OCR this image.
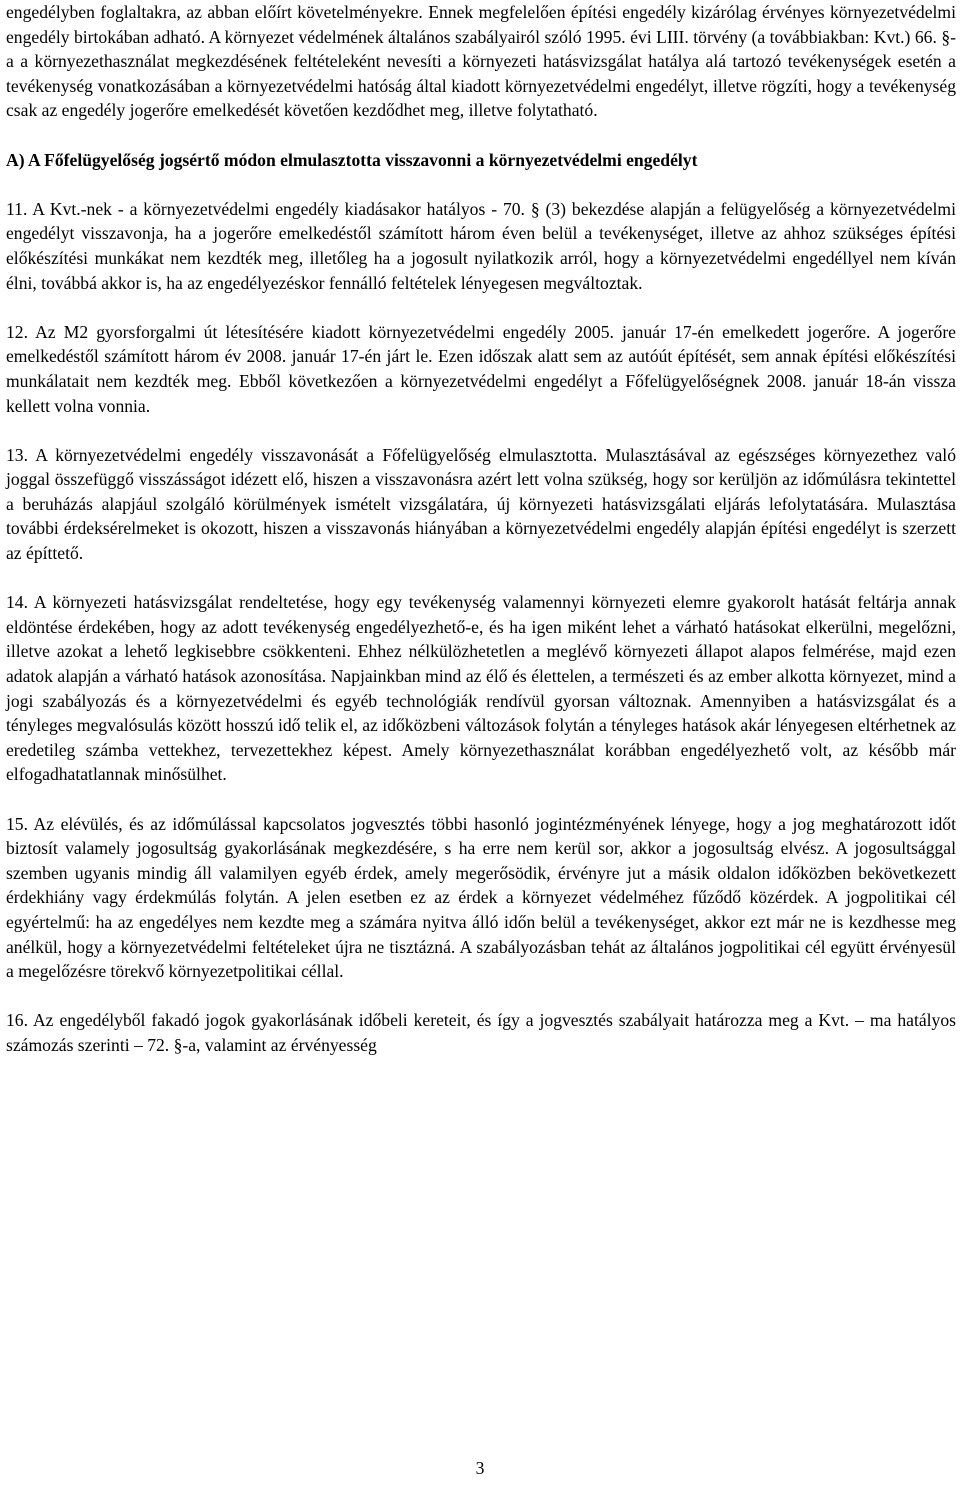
engedélyben foglaltakra, az abban előírt követelményekre. Ennek megfelelően építési engedély kizárólag érvényes környezetvédelmi engedély birtokában adható. A környezet védelmének általános szabályairól szóló 1995. évi LIII. törvény (a továbbiakban: Kvt.) 66. §-a a környezethasználat megkezdésének feltételeként nevesíti a környezeti hatásvizsgálat hatálya alá tartozó tevékenységek esetén a tevékenység vonatkozásában a környezetvédelmi hatóság által kiadott környezetvédelmi engedélyt, illetve rögzíti, hogy a tevékenység csak az engedély jogerőre emelkedését követően kezdődhet meg, illetve folytatható.

A) A Főfelügyelőség jogsértő módon elmulasztotta visszavonni a környezetvédelmi engedélyt

11. A Kvt.-nek - a környezetvédelmi engedély kiadásakor hatályos - 70. § (3) bekezdése alapján a felügyelőség a környezetvédelmi engedélyt visszavonja, ha a jogerőre emelkedéstől számított három éven belül a tevékenységet, illetve az ahhoz szükséges építési előkészítési munkákat nem kezdték meg, illetőleg ha a jogosult nyilatkozik arról, hogy a környezetvédelmi engedéllyel nem kíván élni, továbbá akkor is, ha az engedélyezéskor fennálló feltételek lényegesen megváltoztak.

12. Az M2 gyorsforgalmi út létesítésére kiadott környezetvédelmi engedély 2005. január 17-én emelkedett jogerőre. A jogerőre emelkedéstől számított három év 2008. január 17-én járt le. Ezen időszak alatt sem az autóút építését, sem annak építési előkészítési munkálatait nem kezdték meg. Ebből következően a környezetvédelmi engedélyt a Főfelügyelőségnek 2008. január 18-án vissza kellett volna vonnia.

13. A környezetvédelmi engedély visszavonását a Főfelügyelőség elmulasztotta. Mulasztásával az egészséges környezethez való joggal összefüggő visszásságot idézett elő, hiszen a visszavonásra azért lett volna szükség, hogy sor kerüljön az időmúlásra tekintettel a beruházás alapjául szolgáló körülmények ismételt vizsgálatára, új környezeti hatásvizsgálati eljárás lefolytatására. Mulasztása további érdeksérelmeket is okozott, hiszen a visszavonás hiányában a környezetvédelmi engedély alapján építési engedélyt is szerzett az építtető.

14. A környezeti hatásvizsgálat rendeltetése, hogy egy tevékenység valamennyi környezeti elemre gyakorolt hatását feltárja annak eldöntése érdekében, hogy az adott tevékenység engedélyezhető-e, és ha igen miként lehet a várható hatásokat elkerülni, megelőzni, illetve azokat a lehető legkisebbre csökkenteni. Ehhez nélkülözhetetlen a meglévő környezeti állapot alapos felmérése, majd ezen adatok alapján a várható hatások azonosítása. Napjainkban mind az élő és élettelen, a természeti és az ember alkotta környezet, mind a jogi szabályozás és a környezetvédelmi és egyéb technológiák rendívül gyorsan változnak. Amennyiben a hatásvizsgálat és a tényleges megvalósulás között hosszú idő telik el, az időközbeni változások folytán a tényleges hatások akár lényegesen eltérhetnek az eredetileg számba vettekhez, tervezettekhez képest. Amely környezethasználat korábban engedélyezhető volt, az később már elfogadhatatlannak minősülhet.

15. Az elévülés, és az időmúlással kapcsolatos jogvesztés többi hasonló jogintézményének lényege, hogy a jog meghatározott időt biztosít valamely jogosultság gyakorlásának megkezdésére, s ha erre nem kerül sor, akkor a jogosultság elvész. A jogosultsággal szemben ugyanis mindig áll valamilyen egyéb érdek, amely megerősödik, érvényre jut a másik oldalon időközben bekövetkezett érdekhiány vagy érdekmúlás folytán. A jelen esetben ez az érdek a környezet védelméhez fűződő közérdek. A jogpolitikai cél egyértelmű: ha az engedélyes nem kezdte meg a számára nyitva álló időn belül a tevékenységet, akkor ezt már ne is kezdhesse meg anélkül, hogy a környezetvédelmi feltételeket újra ne tisztázná. A szabályozásban tehát az általános jogpolitikai cél együtt érvényesül a megelőzésre törekvő környezetpolitikai céllal.

16. Az engedélyből fakadó jogok gyakorlásának időbeli kereteit, és így a jogvesztés szabályait határozza meg a Kvt. – ma hatályos számozás szerinti – 72. §-a, valamint az érvényesség

3
